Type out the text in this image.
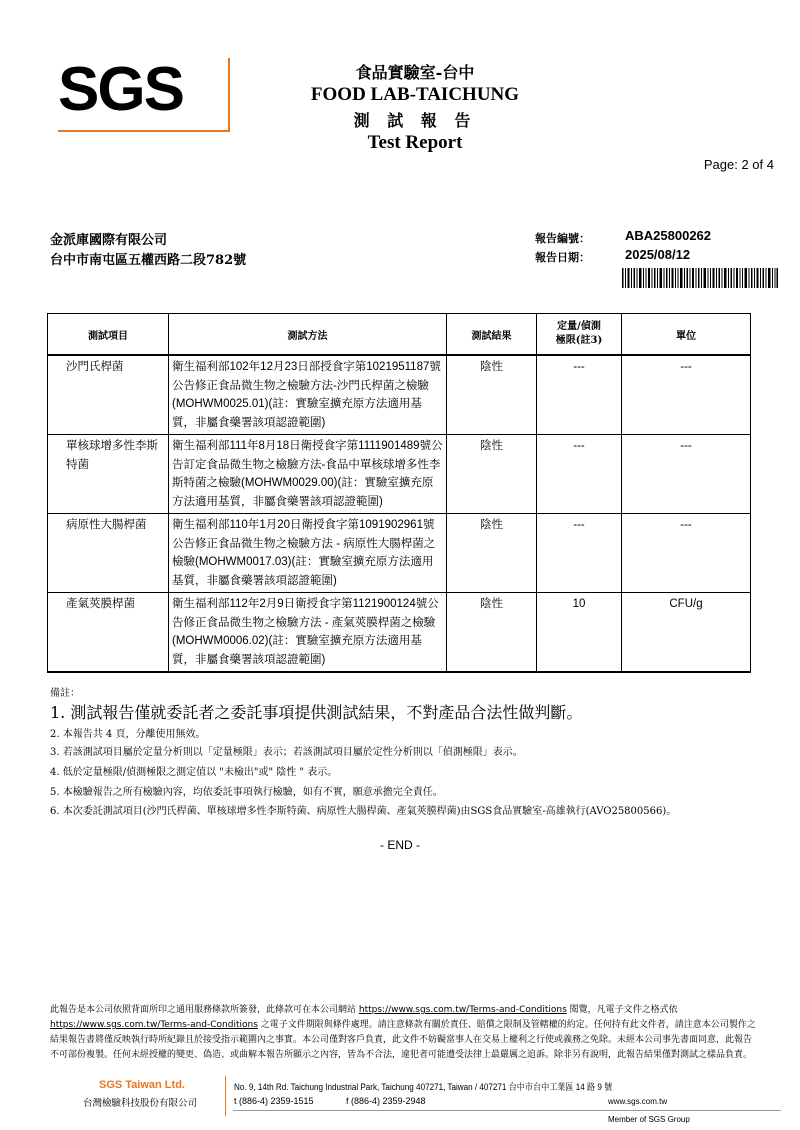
SGS	食品實驗室-台中
FOOD LAB-TAICHUNG
測 試 報 告
Test Report
Page: 2 of 4
金派庫國際有限公司
台中市南屯區五權西路二段782號
報告編號：	ABA25800262
報告日期：	2025/08/12
測試項目	測試方法	測試結果	定量/偵測極限(註3)	單位
沙門氏桿菌	衛生福利部102年12月23日部授食字第1021951187號公告修正食品微生物之檢驗方法-沙門氏桿菌之檢驗(MOHWM0025.01)(註：實驗室擴充原方法適用基質，非屬食藥署該項認證範圍)	陰性	---	---
單核球增多性李斯特菌	衛生福利部111年8月18日衛授食字第1111901489號公告訂定食品微生物之檢驗方法-食品中單核球增多性李斯特菌之檢驗(MOHWM0029.00)(註：實驗室擴充原方法適用基質，非屬食藥署該項認證範圍)	陰性	---	---
病原性大腸桿菌	衛生福利部110年1月20日衛授食字第1091902961號公告修正食品微生物之檢驗方法 - 病原性大腸桿菌之檢驗(MOHWM0017.03)(註：實驗室擴充原方法適用基質，非屬食藥署該項認證範圍)	陰性	---	---
產氣莢膜桿菌	衛生福利部112年2月9日衛授食字第1121900124號公告修正食品微生物之檢驗方法 - 產氣莢膜桿菌之檢驗(MOHWM0006.02)(註：實驗室擴充原方法適用基質，非屬食藥署該項認證範圍)	陰性	10	CFU/g
備註：
1. 測試報告僅就委託者之委託事項提供測試結果，不對產品合法性做判斷。
2. 本報告共 4 頁，分離使用無效。
3. 若該測試項目屬於定量分析則以「定量極限」表示；若該測試項目屬於定性分析則以「偵測極限」表示。
4. 低於定量極限/偵測極限之測定值以 "未檢出"或" 陰性 " 表示。
5. 本檢驗報告之所有檢驗內容，均依委託事項執行檢驗，如有不實，願意承擔完全責任。
6. 本次委託測試項目(沙門氏桿菌、單核球增多性李斯特菌、病原性大腸桿菌、產氣莢膜桿菌)由SGS食品實驗室-高雄執行(AVO25800566)。
- END -
此報告是本公司依照背面所印之通用服務條款所簽發，此條款可在本公司網站 https://www.sgs.com.tw/Terms-and-Conditions 閱覽，凡電子文件之格式依https://www.sgs.com.tw/Terms-and-Conditions 之電子文件期限與條件處理。請注意條款有關於責任、賠償之限制及管轄權的約定。任何持有此文件者，請注意本公司製作之結果報告書將僅反映執行時所紀錄且於接受指示範圍內之事實。本公司僅對客戶負責，此文件不妨礙當事人在交易上權利之行使或義務之免除。未經本公司事先書面同意，此報告不可部份複製。任何未經授權的變更、偽造、或曲解本報告所顯示之內容，皆為不合法，違犯者可能遭受法律上最嚴厲之追訴。除非另有說明，此報告結果僅對測試之樣品負責。
SGS Taiwan Ltd.
台灣檢驗科技股份有限公司
No. 9, 14th Rd. Taichung Industrial Park, Taichung 407271, Taiwan / 407271 台中市台中工業區 14 路 9 號
t (886-4) 2359-1515	f (886-4) 2359-2948	www.sgs.com.tw
Member of SGS Group
